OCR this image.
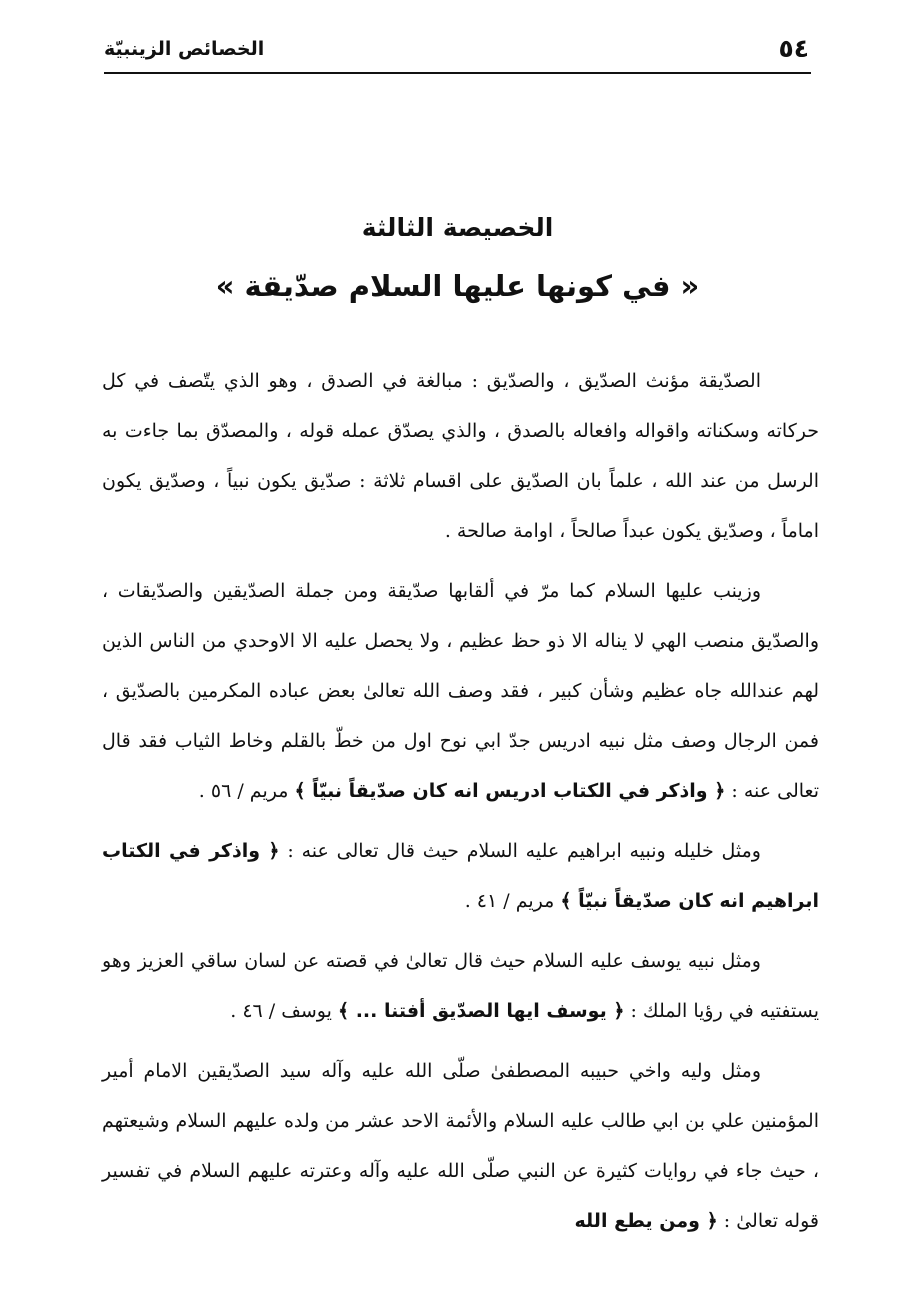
٥٤
الخصائص الزينبيّة
الخصيصة الثالثة
« في كونها عليها السلام صدّيقة »

الصدّيقة مؤنث الصدّيق ، والصدّيق : مبالغة في الصدق ، وهو الذي يتّصف في كل حركاته وسكناته واقواله وافعاله بالصدق ، والذي يصدّق عمله قوله ، والمصدّق بما جاءت به الرسل من عند الله ، علماً بان الصدّيق على اقسام ثلاثة : صدّيق يكون نبياً ، وصدّيق يكون اماماً ، وصدّيق يكون عبداً صالحاً ، اوامة صالحة .

وزينب عليها السلام كما مرّ في ألقابها صدّيقة ومن جملة الصدّيقين والصدّيقات ، والصدّيق منصب الهي لا يناله الا ذو حظ عظيم ، ولا يحصل عليه الا الاوحدي من الناس الذين لهم عندالله جاه عظيم وشأن كبير ، فقد وصف الله تعالىٰ بعض عباده المكرمين بالصدّيق ، فمن الرجال وصف مثل نبيه ادريس جدّ ابي نوح اول من خطّ بالقلم وخاط الثياب فقد قال تعالى عنه : ﴿ واذكر في الكتاب ادريس انه كان صدّيقاً نبيّاً ﴾ مريم / ٥٦ .

ومثل خليله ونبيه ابراهيم عليه السلام حيث قال تعالى عنه : ﴿ واذكر في الكتاب ابراهيم انه كان صدّيقاً نبيّاً ﴾ مريم / ٤١ .

ومثل نبيه يوسف عليه السلام حيث قال تعالىٰ في قصته عن لسان ساقي العزيز وهو يستفتيه في رؤيا الملك : ﴿ يوسف ايها الصدّيق أفتنا ... ﴾ يوسف / ٤٦ .

ومثل وليه واخي حبيبه المصطفىٰ صلّى الله عليه وآله سيد الصدّيقين الامام أمير المؤمنين علي بن ابي طالب عليه السلام والأئمة الاحد عشر من ولده عليهم السلام وشيعتهم ، حيث جاء في روايات كثيرة عن النبي صلّى الله عليه وآله وعترته عليهم السلام في تفسير قوله تعالىٰ : ﴿ ومن يطع الله
